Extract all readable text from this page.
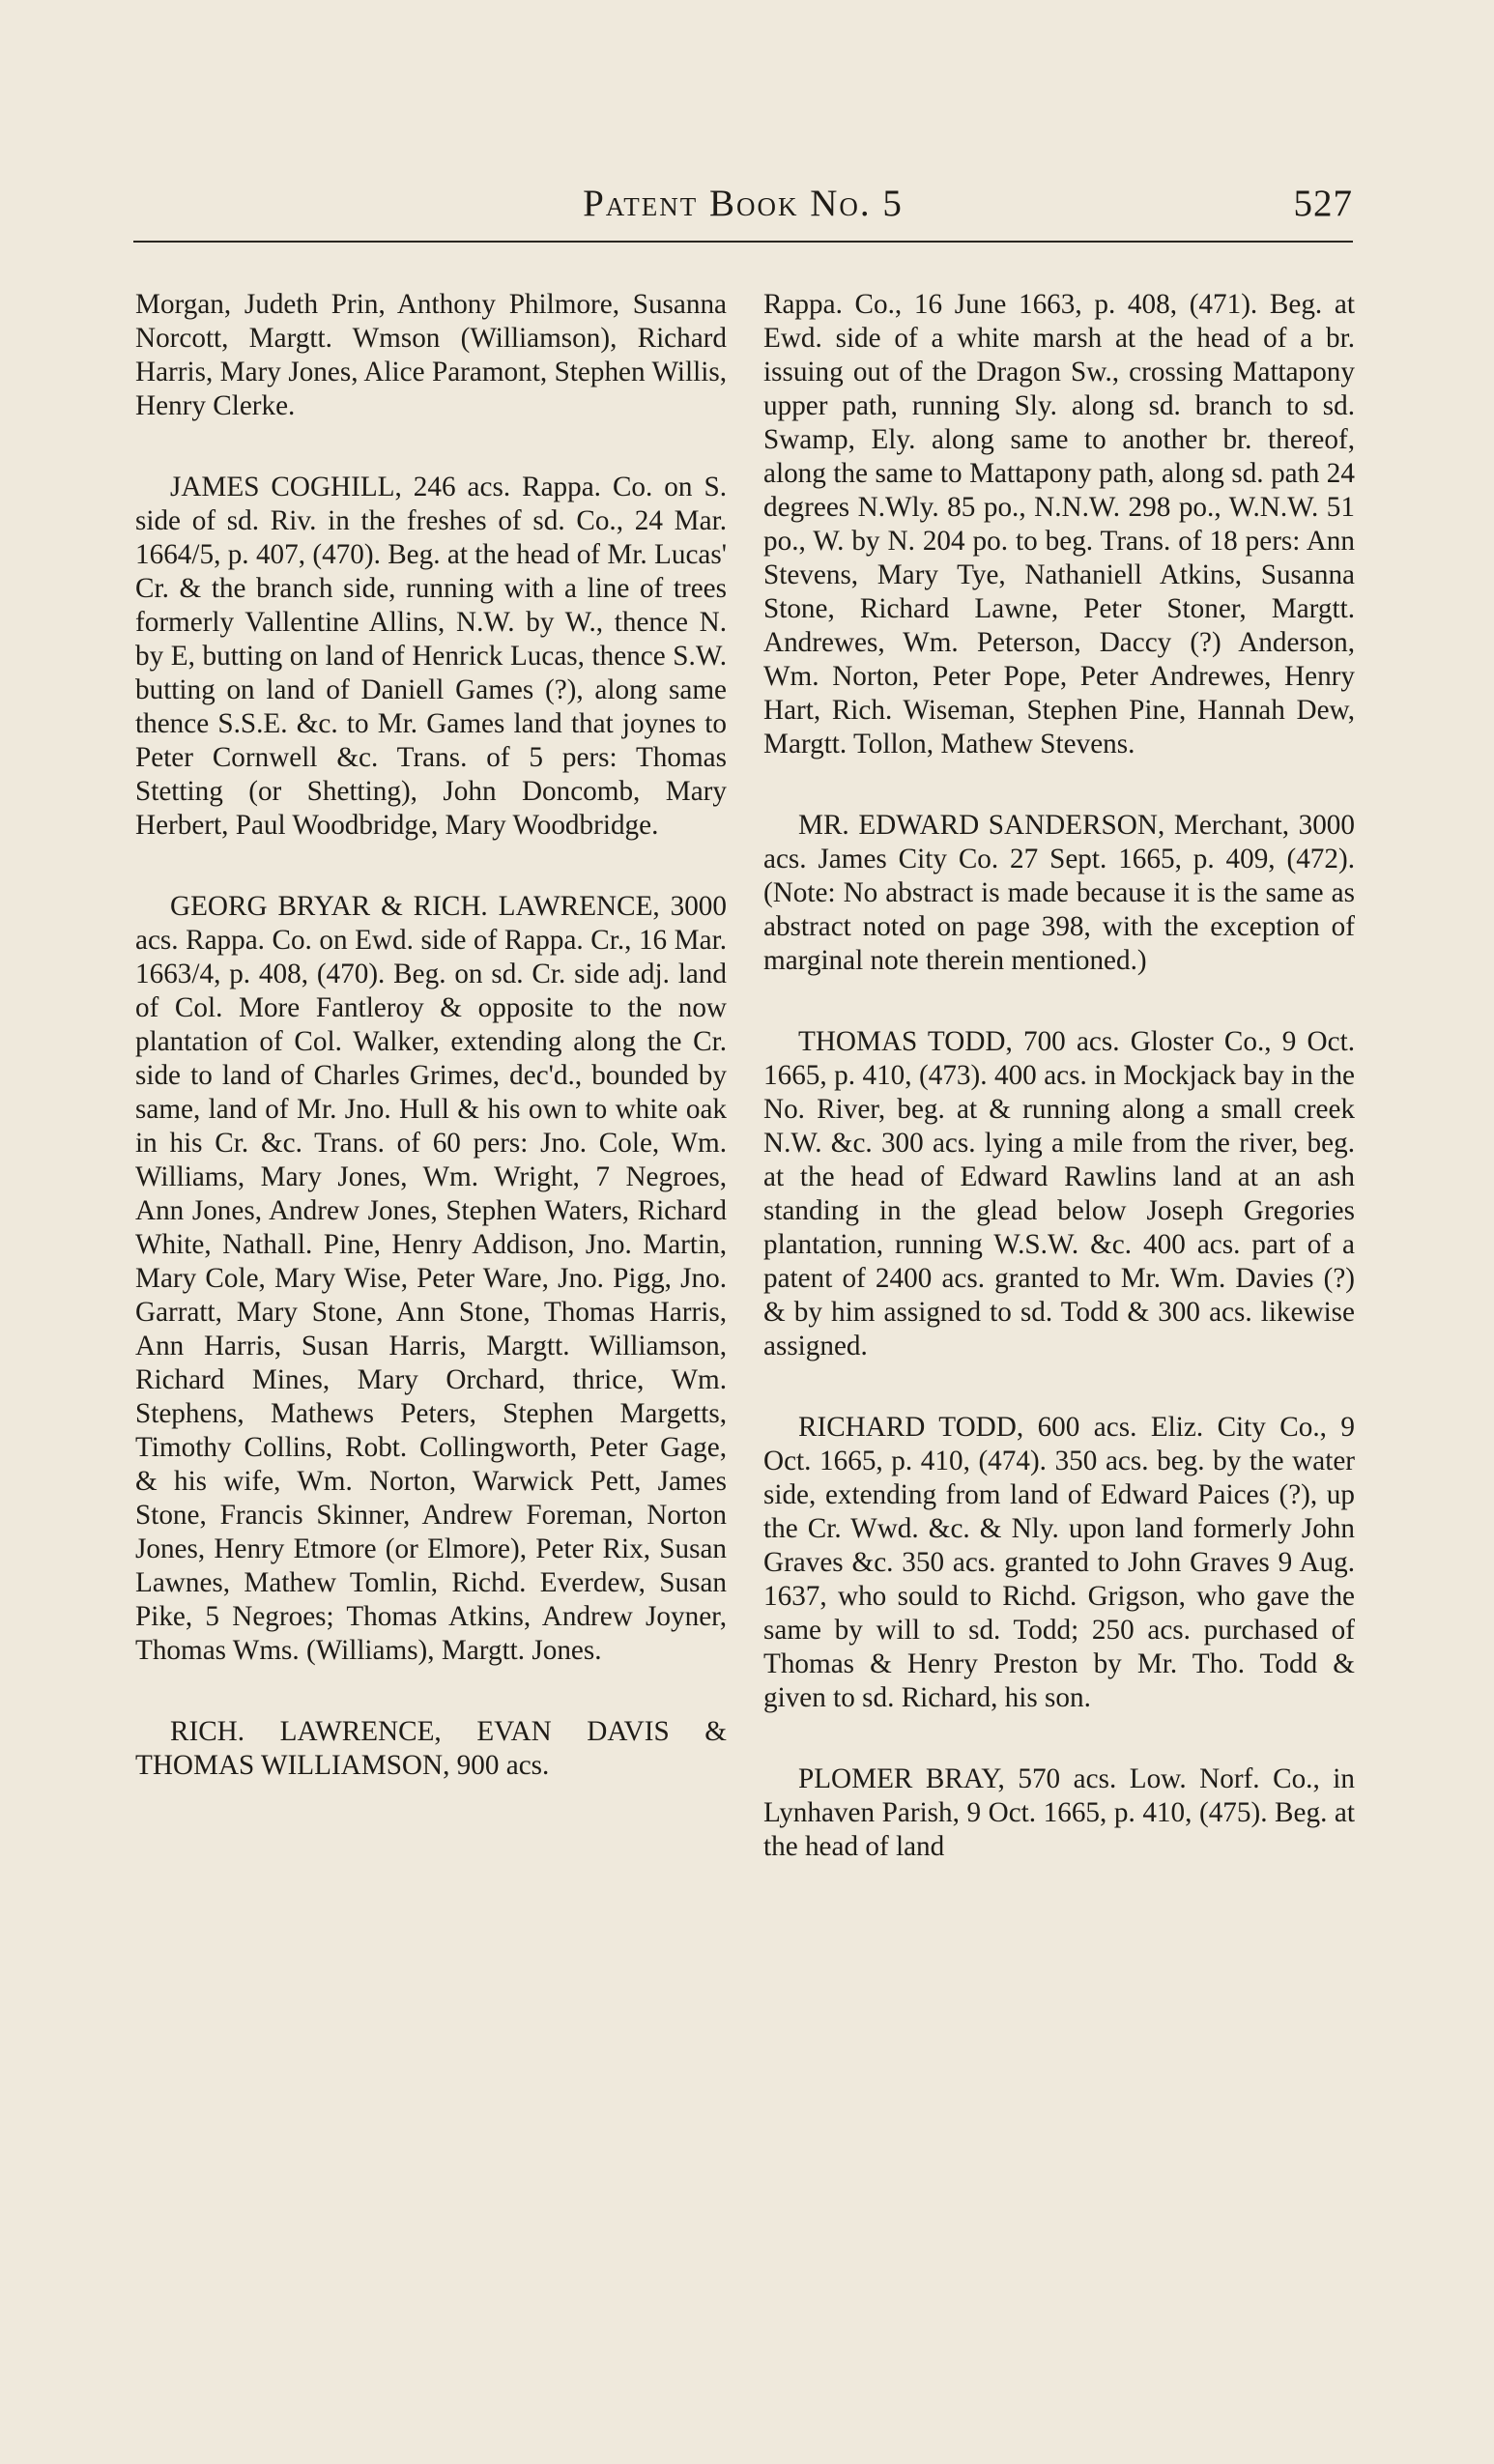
Patent Book No. 5	527

Morgan, Judeth Prin, Anthony Philmore, Susanna Norcott, Margtt. Wmson (Williamson), Richard Harris, Mary Jones, Alice Paramont, Stephen Willis, Henry Clerke.

JAMES COGHILL, 246 acs. Rappa. Co. on S. side of sd. Riv. in the freshes of sd. Co., 24 Mar. 1664/5, p. 407, (470). Beg. at the head of Mr. Lucas' Cr. & the branch side, running with a line of trees formerly Vallentine Allins, N.W. by W., thence N. by E, butting on land of Henrick Lucas, thence S.W. butting on land of Daniell Games (?), along same thence S.S.E. &c. to Mr. Games land that joynes to Peter Cornwell &c. Trans. of 5 pers: Thomas Stetting (or Shetting), John Doncomb, Mary Herbert, Paul Woodbridge, Mary Woodbridge.

GEORG BRYAR & RICH. LAWRENCE, 3000 acs. Rappa. Co. on Ewd. side of Rappa. Cr., 16 Mar. 1663/4, p. 408, (470). Beg. on sd. Cr. side adj. land of Col. More Fantleroy & opposite to the now plantation of Col. Walker, extending along the Cr. side to land of Charles Grimes, dec'd., bounded by same, land of Mr. Jno. Hull & his own to white oak in his Cr. &c. Trans. of 60 pers: Jno. Cole, Wm. Williams, Mary Jones, Wm. Wright, 7 Negroes, Ann Jones, Andrew Jones, Stephen Waters, Richard White, Nathall. Pine, Henry Addison, Jno. Martin, Mary Cole, Mary Wise, Peter Ware, Jno. Pigg, Jno. Garratt, Mary Stone, Ann Stone, Thomas Harris, Ann Harris, Susan Harris, Margtt. Williamson, Richard Mines, Mary Orchard, thrice, Wm. Stephens, Mathews Peters, Stephen Margetts, Timothy Collins, Robt. Collingworth, Peter Gage, & his wife, Wm. Norton, Warwick Pett, James Stone, Francis Skinner, Andrew Foreman, Norton Jones, Henry Etmore (or Elmore), Peter Rix, Susan Lawnes, Mathew Tomlin, Richd. Everdew, Susan Pike, 5 Negroes; Thomas Atkins, Andrew Joyner, Thomas Wms. (Williams), Margtt. Jones.

RICH. LAWRENCE, EVAN DAVIS & THOMAS WILLIAMSON, 900 acs.

Rappa. Co., 16 June 1663, p. 408, (471). Beg. at Ewd. side of a white marsh at the head of a br. issuing out of the Dragon Sw., crossing Mattapony upper path, running Sly. along sd. branch to sd. Swamp, Ely. along same to another br. thereof, along the same to Mattapony path, along sd. path 24 degrees N.Wly. 85 po., N.N.W. 298 po., W.N.W. 51 po., W. by N. 204 po. to beg. Trans. of 18 pers: Ann Stevens, Mary Tye, Nathaniell Atkins, Susanna Stone, Richard Lawne, Peter Stoner, Margtt. Andrewes, Wm. Peterson, Daccy (?) Anderson, Wm. Norton, Peter Pope, Peter Andrewes, Henry Hart, Rich. Wiseman, Stephen Pine, Hannah Dew, Margtt. Tollon, Mathew Stevens.

MR. EDWARD SANDERSON, Merchant, 3000 acs. James City Co. 27 Sept. 1665, p. 409, (472). (Note: No abstract is made because it is the same as abstract noted on page 398, with the exception of marginal note therein mentioned.)

THOMAS TODD, 700 acs. Gloster Co., 9 Oct. 1665, p. 410, (473). 400 acs. in Mockjack bay in the No. River, beg. at & running along a small creek N.W. &c. 300 acs. lying a mile from the river, beg. at the head of Edward Rawlins land at an ash standing in the glead below Joseph Gregories plantation, running W.S.W. &c. 400 acs. part of a patent of 2400 acs. granted to Mr. Wm. Davies (?) & by him assigned to sd. Todd & 300 acs. likewise assigned.

RICHARD TODD, 600 acs. Eliz. City Co., 9 Oct. 1665, p. 410, (474). 350 acs. beg. by the water side, extending from land of Edward Paices (?), up the Cr. Wwd. &c. & Nly. upon land formerly John Graves &c. 350 acs. granted to John Graves 9 Aug. 1637, who sould to Richd. Grigson, who gave the same by will to sd. Todd; 250 acs. purchased of Thomas & Henry Preston by Mr. Tho. Todd & given to sd. Richard, his son.

PLOMER BRAY, 570 acs. Low. Norf. Co., in Lynhaven Parish, 9 Oct. 1665, p. 410, (475). Beg. at the head of land
